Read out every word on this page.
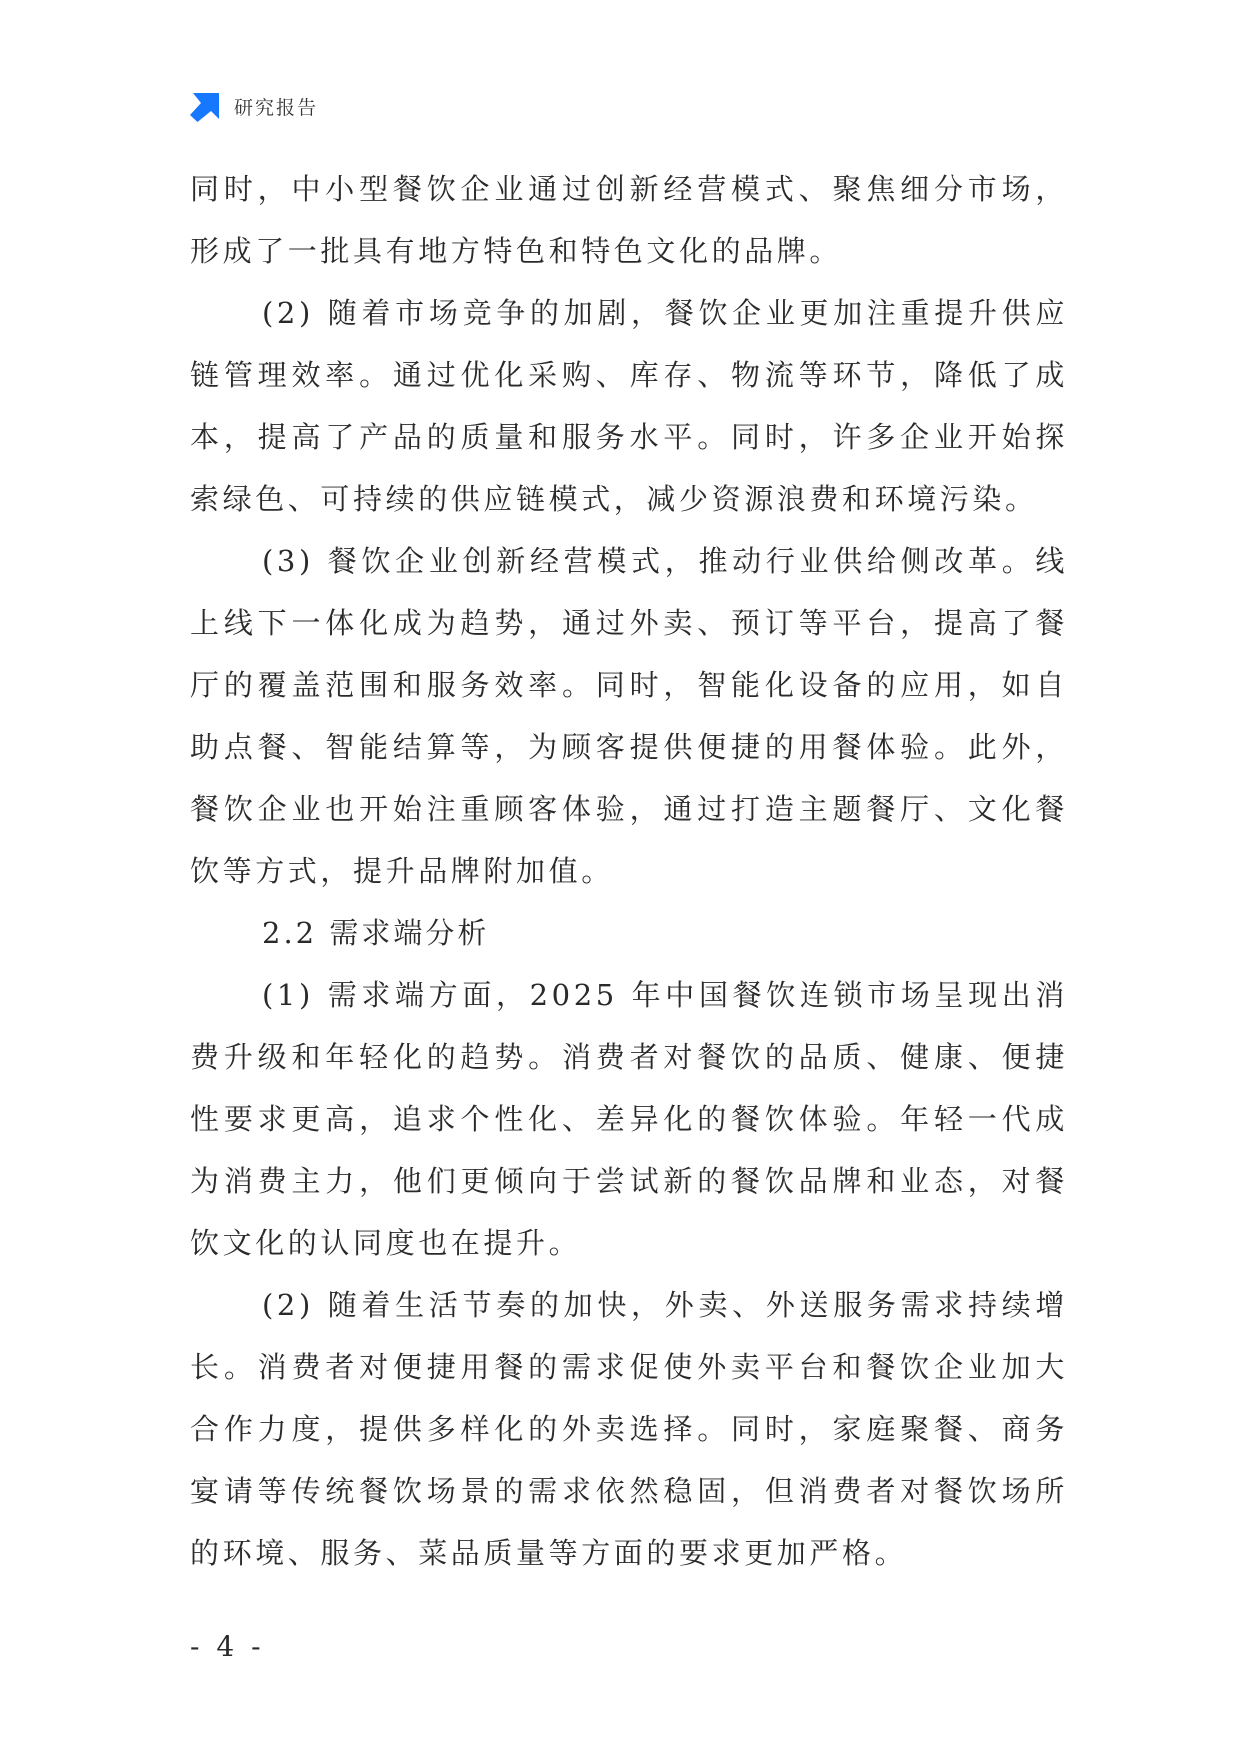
研究报告

同时，中小型餐饮企业通过创新经营模式、聚焦细分市场，形成了一批具有地方特色和特色文化的品牌。

(2) 随着市场竞争的加剧，餐饮企业更加注重提升供应链管理效率。通过优化采购、库存、物流等环节，降低了成本，提高了产品的质量和服务水平。同时，许多企业开始探索绿色、可持续的供应链模式，减少资源浪费和环境污染。

(3) 餐饮企业创新经营模式，推动行业供给侧改革。线上线下一体化成为趋势，通过外卖、预订等平台，提高了餐厅的覆盖范围和服务效率。同时，智能化设备的应用，如自助点餐、智能结算等，为顾客提供便捷的用餐体验。此外，餐饮企业也开始注重顾客体验，通过打造主题餐厅、文化餐饮等方式，提升品牌附加值。

2.2 需求端分析

(1) 需求端方面，2025 年中国餐饮连锁市场呈现出消费升级和年轻化的趋势。消费者对餐饮的品质、健康、便捷性要求更高，追求个性化、差异化的餐饮体验。年轻一代成为消费主力，他们更倾向于尝试新的餐饮品牌和业态，对餐饮文化的认同度也在提升。

(2) 随着生活节奏的加快，外卖、外送服务需求持续增长。消费者对便捷用餐的需求促使外卖平台和餐饮企业加大合作力度，提供多样化的外卖选择。同时，家庭聚餐、商务宴请等传统餐饮场景的需求依然稳固，但消费者对餐饮场所的环境、服务、菜品质量等方面的要求更加严格。

- 4 -
